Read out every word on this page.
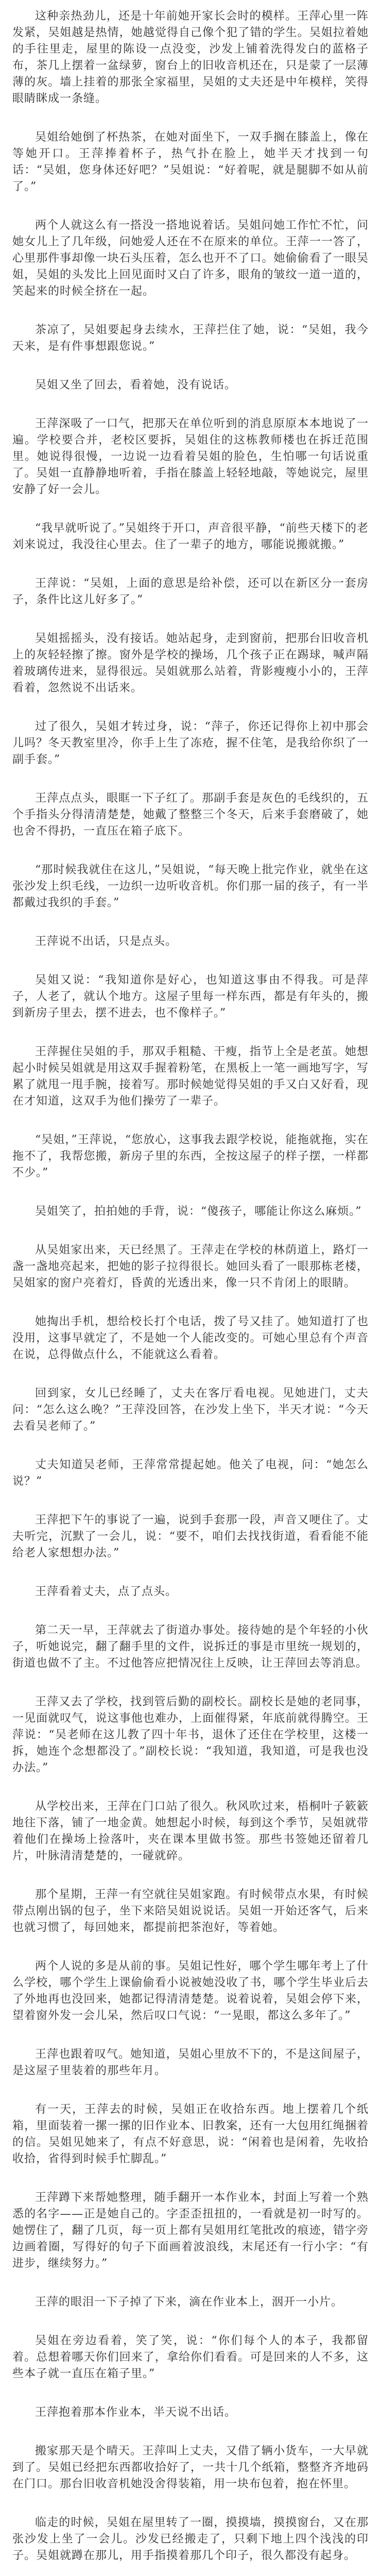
这种亲热劲儿，还是十年前她开家长会时的模样。王萍心里一阵发紧，吴姐越是热情，她越觉得自己像个犯了错的学生。吴姐拉着她的手往里走，屋里的陈设一点没变，沙发上铺着洗得发白的蓝格子布，茶几上摆着一盆绿萝，窗台上的旧收音机还在，只是蒙了一层薄薄的灰。墙上挂着的那张全家福里，吴姐的丈夫还是中年模样，笑得眼睛眯成一条缝。

吴姐给她倒了杯热茶，在她对面坐下，一双手搁在膝盖上，像在等她开口。王萍捧着杯子，热气扑在脸上，她半天才找到一句话：“吴姐，您身体还好吧？”吴姐说：“好着呢，就是腿脚不如从前了。”

两个人就这么有一搭没一搭地说着话。吴姐问她工作忙不忙，问她女儿上了几年级，问她爱人还在不在原来的单位。王萍一一答了，心里那件事却像一块石头压着，怎么也开不了口。她偷偷看了一眼吴姐，吴姐的头发比上回见面时又白了许多，眼角的皱纹一道一道的，笑起来的时候全挤在一起。

茶凉了，吴姐要起身去续水，王萍拦住了她，说：“吴姐，我今天来，是有件事想跟您说。”

吴姐又坐了回去，看着她，没有说话。

王萍深吸了一口气，把那天在单位听到的消息原原本本地说了一遍。学校要合并，老校区要拆，吴姐住的这栋教师楼也在拆迁范围里。她说得很慢，一边说一边看着吴姐的脸色，生怕哪一句话说重了。吴姐一直静静地听着，手指在膝盖上轻轻地敲，等她说完，屋里安静了好一会儿。

“我早就听说了。”吴姐终于开口，声音很平静，“前些天楼下的老刘来说过，我没往心里去。住了一辈子的地方，哪能说搬就搬。”

王萍说：“吴姐，上面的意思是给补偿，还可以在新区分一套房子，条件比这儿好多了。”

吴姐摇摇头，没有接话。她站起身，走到窗前，把那台旧收音机上的灰轻轻擦了擦。窗外是学校的操场，几个孩子正在踢球，喊声隔着玻璃传进来，显得很远。吴姐就那么站着，背影瘦瘦小小的，王萍看着，忽然说不出话来。

过了很久，吴姐才转过身，说：“萍子，你还记得你上初中那会儿吗？冬天教室里冷，你手上生了冻疮，握不住笔，是我给你织了一副手套。”

王萍点点头，眼眶一下子红了。那副手套是灰色的毛线织的，五个手指头分得清清楚楚，她戴了整整三个冬天，后来手套磨破了，她也舍不得扔，一直压在箱子底下。

“那时候我就住在这儿，”吴姐说，“每天晚上批完作业，就坐在这张沙发上织毛线，一边织一边听收音机。你们那一届的孩子，有一半都戴过我织的手套。”

王萍说不出话，只是点头。

吴姐又说：“我知道你是好心，也知道这事由不得我。可是萍子，人老了，就认个地方。这屋子里每一样东西，都是有年头的，搬到新房子里去，摆不进去，也不像样子。”

王萍握住吴姐的手，那双手粗糙、干瘦，指节上全是老茧。她想起小时候吴姐就是用这双手握着粉笔，在黑板上一笔一画地写字，写累了就甩一甩手腕，接着写。那时候她觉得吴姐的手又白又好看，现在才知道，这双手为他们操劳了一辈子。

“吴姐，”王萍说，“您放心，这事我去跟学校说，能拖就拖，实在拖不了，我帮您搬，新房子里的东西，全按这屋子的样子摆，一样都不少。”

吴姐笑了，拍拍她的手背，说：“傻孩子，哪能让你这么麻烦。”

从吴姐家出来，天已经黑了。王萍走在学校的林荫道上，路灯一盏一盏地亮起来，把她的影子拉得很长。她回头看了一眼那栋老楼，吴姐家的窗户亮着灯，昏黄的光透出来，像一只不肯闭上的眼睛。

她掏出手机，想给校长打个电话，拨了号又挂了。她知道打了也没用，这事早就定了，不是她一个人能改变的。可她心里总有个声音在说，总得做点什么，不能就这么看着。

回到家，女儿已经睡了，丈夫在客厅看电视。见她进门，丈夫问：“怎么这么晚？”王萍没回答，在沙发上坐下，半天才说：“今天去看吴老师了。”

丈夫知道吴老师，王萍常常提起她。他关了电视，问：“她怎么说？”

王萍把下午的事说了一遍，说到手套那一段，声音又哽住了。丈夫听完，沉默了一会儿，说：“要不，咱们去找找街道，看看能不能给老人家想想办法。”

王萍看着丈夫，点了点头。

第二天一早，王萍就去了街道办事处。接待她的是个年轻的小伙子，听她说完，翻了翻手里的文件，说拆迁的事是市里统一规划的，街道也做不了主。不过他答应把情况往上反映，让王萍回去等消息。

王萍又去了学校，找到管后勤的副校长。副校长是她的老同事，一见面就叹气，说这事他也难办，上面催得紧，年底前就得腾空。王萍说：“吴老师在这儿教了四十年书，退休了还住在学校里，这楼一拆，她连个念想都没了。”副校长说：“我知道，我知道，可是我也没办法。”

从学校出来，王萍在门口站了很久。秋风吹过来，梧桐叶子簌簌地往下落，铺了一地金黄。她想起小时候，每到这个季节，吴姐就带着他们在操场上捡落叶，夹在课本里做书签。那些书签她还留着几片，叶脉清清楚楚的，一碰就碎。

那个星期，王萍一有空就往吴姐家跑。有时候带点水果，有时候带点刚出锅的包子，坐下来陪吴姐说说话。吴姐一开始还客气，后来也就习惯了，每回她来，都提前把茶泡好，等着她。

两个人说的多是从前的事。吴姐记性好，哪个学生哪年考上了什么学校，哪个学生上课偷偷看小说被她没收了书，哪个学生毕业后去了外地再也没回来，她都记得清清楚楚。说着说着，吴姐会停下来，望着窗外发一会儿呆，然后叹口气说：“一晃眼，都这么多年了。”

王萍也跟着叹气。她知道，吴姐心里放不下的，不是这间屋子，是这屋子里装着的那些年月。

有一天，王萍去的时候，吴姐正在收拾东西。地上摆着几个纸箱，里面装着一摞一摞的旧作业本、旧教案，还有一大包用红绳捆着的信。吴姐见她来了，有点不好意思，说：“闲着也是闲着，先收拾收拾，省得到时候手忙脚乱。”

王萍蹲下来帮她整理，随手翻开一本作业本，封面上写着一个熟悉的名字——正是她自己的。字歪歪扭扭的，一看就是初一时写的。她愣住了，翻了几页，每一页上都有吴姐用红笔批改的痕迹，错字旁边画着圈，写得好的句子下面画着波浪线，末尾还有一行小字：“有进步，继续努力。”

王萍的眼泪一下子掉了下来，滴在作业本上，洇开一小片。

吴姐在旁边看着，笑了笑，说：“你们每个人的本子，我都留着。总想着哪天你们回来了，拿给你们看看。可是回来的人不多，这些本子就一直压在箱子里。”

王萍抱着那本作业本，半天说不出话。

搬家那天是个晴天。王萍叫上丈夫，又借了辆小货车，一大早就到了。吴姐已经把东西都收拾好了，一共十几个纸箱，整整齐齐地码在门口。那台旧收音机她没舍得装箱，用一块布包着，抱在怀里。

临走的时候，吴姐在屋里转了一圈，摸摸墙，摸摸窗台，又在那张沙发上坐了一会儿。沙发已经搬走了，只剩下地上四个浅浅的印子。吴姐就蹲在那儿，用手指摸着那几个印子，很久都没有起身。
